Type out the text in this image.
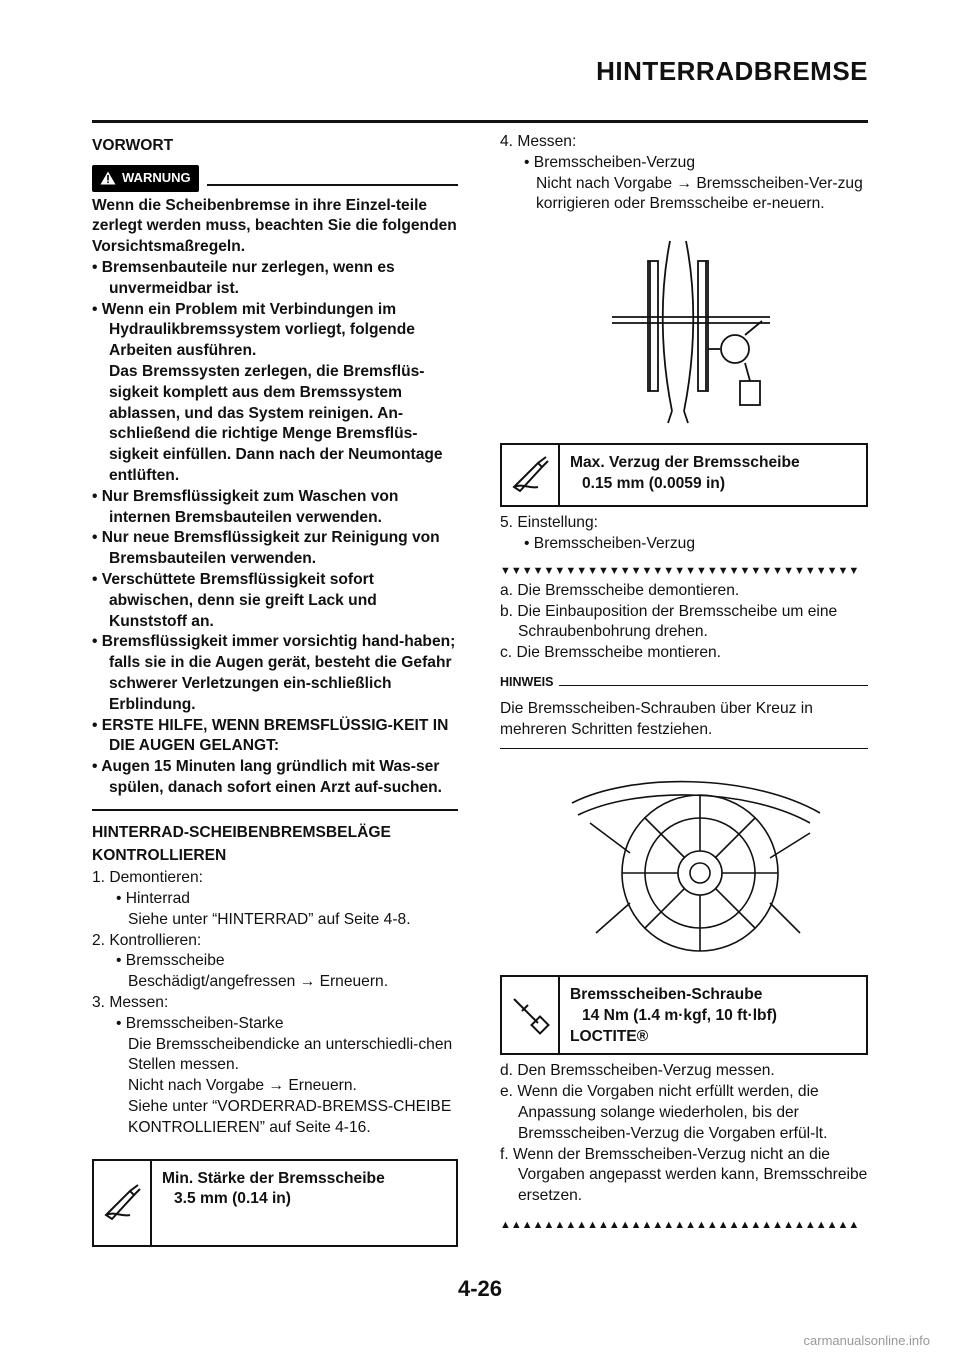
HINTERRADBREMSE
VORWORT
WARNUNG

Wenn die Scheibenbremse in ihre Einzel-teile zerlegt werden muss, beachten Sie die folgenden Vorsichtsmaßregeln.

• Bremsenbauteile nur zerlegen, wenn es unvermeidbar ist.

• Wenn ein Problem mit Verbindungen im Hydraulikbremssystem vorliegt, folgende Arbeiten ausführen.

Das Bremssysten zerlegen, die Bremsflüs-sigkeit komplett aus dem Bremssystem ablassen, und das System reinigen. An-schließend die richtige Menge Bremsflüs-sigkeit einfüllen. Dann nach der Neumontage entlüften.

• Nur Bremsflüssigkeit zum Waschen von internen Bremsbauteilen verwenden.

• Nur neue Bremsflüssigkeit zur Reinigung von Bremsbauteilen verwenden.

• Verschüttete Bremsflüssigkeit sofort abwischen, denn sie greift Lack und Kunststoff an.

• Bremsflüssigkeit immer vorsichtig hand-haben; falls sie in die Augen gerät, besteht die Gefahr schwerer Verletzungen ein-schließlich Erblindung.

• ERSTE HILFE, WENN BREMSFLÜSSIG-KEIT IN DIE AUGEN GELANGT:

• Augen 15 Minuten lang gründlich mit Was-ser spülen, danach sofort einen Arzt auf-suchen.

HINTERRAD-SCHEIBENBREMSBELÄGE
KONTROLLIEREN

1. Demontieren:

• Hinterrad

Siehe unter “HINTERRAD” auf Seite 4-8.

2. Kontrollieren:

• Bremsscheibe

Beschädigt/angefressen → Erneuern.

3. Messen:

• Bremsscheiben-Starke

Die Bremsscheibendicke an unterschiedli-chen Stellen messen.

Nicht nach Vorgabe → Erneuern.

Siehe unter “VORDERRAD-BREMSS-CHEIBE KONTROLLIEREN” auf Seite 4-16.

Min. Stärke der Bremsscheibe
3.5 mm (0.14 in)

4. Messen:

• Bremsscheiben-Verzug

Nicht nach Vorgabe → Bremsscheiben-Ver-zug korrigieren oder Bremsscheibe er-neuern.

Max. Verzug der Bremsscheibe
0.15 mm (0.0059 in)

5. Einstellung:

• Bremsscheiben-Verzug

▼▼▼▼▼▼▼▼▼▼▼▼▼▼▼▼▼▼▼▼▼▼▼▼▼▼▼▼▼▼▼▼▼

a. Die Bremsscheibe demontieren.

b. Die Einbauposition der Bremsscheibe um eine Schraubenbohrung drehen.

c. Die Bremsscheibe montieren.

HINWEIS

Die Bremsscheiben-Schrauben über Kreuz in mehreren Schritten festziehen.

Bremsscheiben-Schraube
14 Nm (1.4 m·kgf, 10 ft·lbf)
LOCTITE®

d. Den Bremsscheiben-Verzug messen.

e. Wenn die Vorgaben nicht erfüllt werden, die Anpassung solange wiederholen, bis der Bremsscheiben-Verzug die Vorgaben erfül-lt.

f. Wenn der Bremsscheiben-Verzug nicht an die Vorgaben angepasst werden kann, Bremsschreibe ersetzen.

▲▲▲▲▲▲▲▲▲▲▲▲▲▲▲▲▲▲▲▲▲▲▲▲▲▲▲▲▲▲▲▲▲
4-26
carmanualsonline.info
